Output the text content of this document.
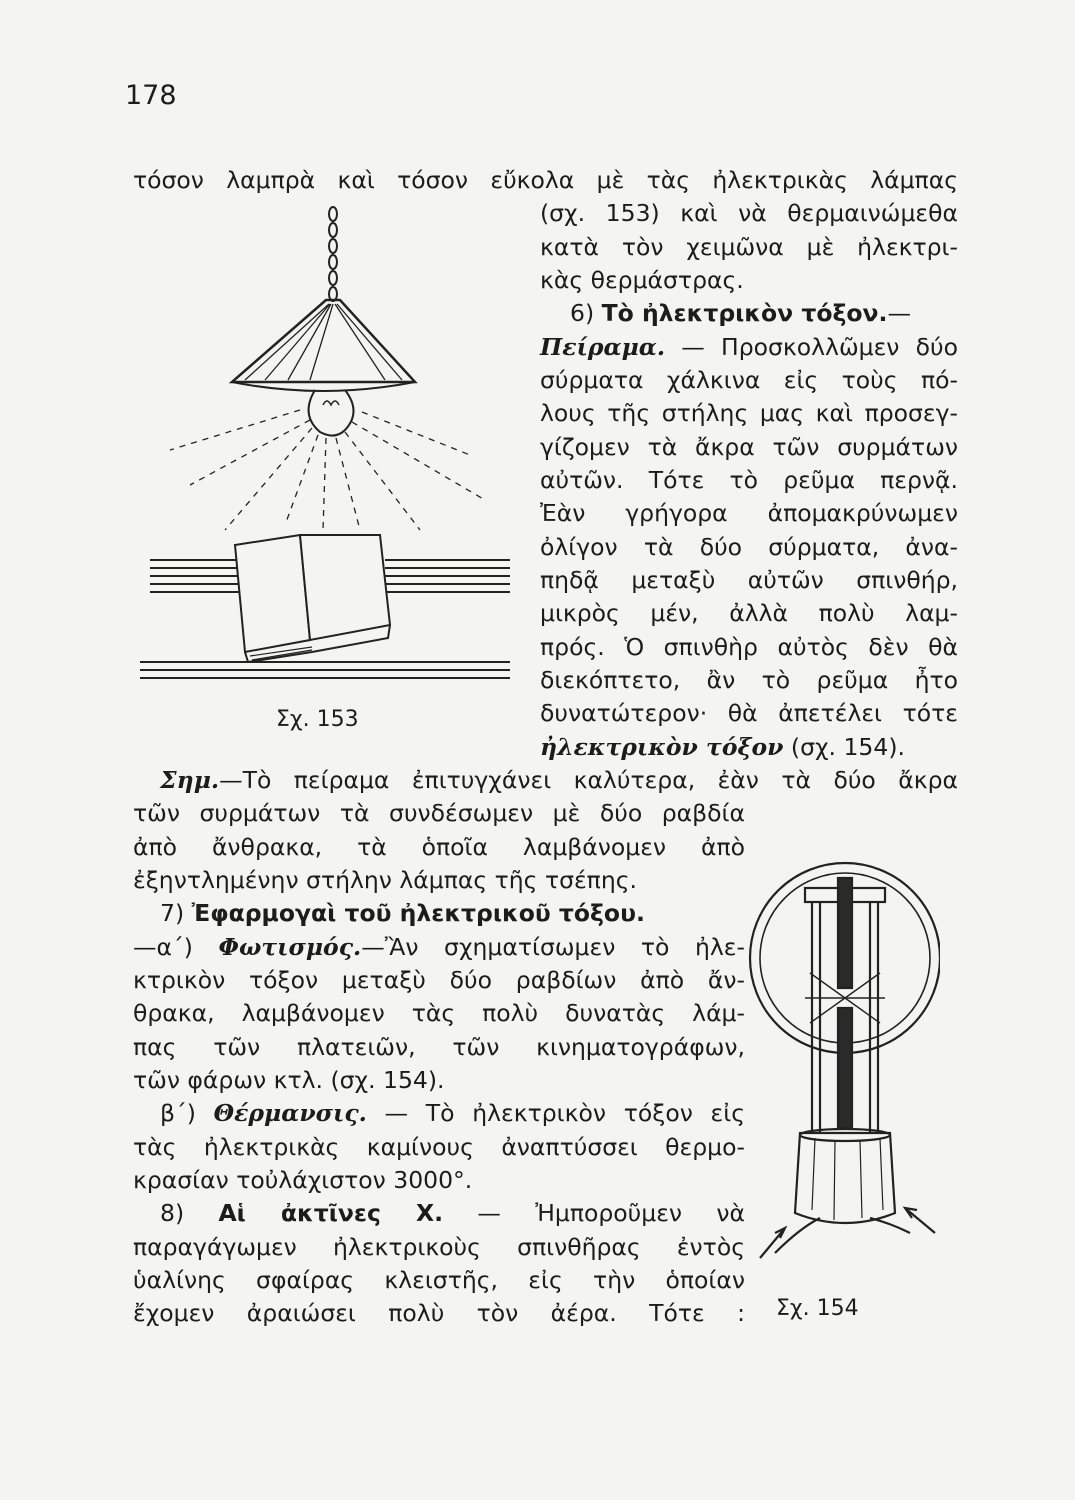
178
τόσον λαμπρὰ καὶ τόσον εὔκολα μὲ τὰς ἠλεκτρικὰς λάμπας
(σχ. 153) καὶ νὰ θερμαινώμεθα
κατὰ τὸν χειμῶνα μὲ ἠλεκτρι-
κὰς θερμάστρας.
6) Τὸ ἠλεκτρικὸν τόξον.—
Πείραμα. — Προσκολλῶμεν δύο
σύρματα χάλκινα εἰς τοὺς πό-
λους τῆς στήλης μας καὶ προσεγ-
γίζομεν τὰ ἄκρα τῶν συρμάτων
αὐτῶν. Τότε τὸ ρεῦμα περνᾷ.
Ἐὰν γρήγορα ἀπομακρύνωμεν
ὀλίγον τὰ δύο σύρματα, ἀνα-
πηδᾷ μεταξὺ αὐτῶν σπινθήρ,
μικρὸς μέν, ἀλλὰ πολὺ λαμ-
πρός. Ὁ σπινθὴρ αὐτὸς δὲν θὰ
διεκόπτετο, ἂν τὸ ρεῦμα ἦτο
δυνατώτερον· θὰ ἀπετέλει τότε
ἠλεκτρικὸν τόξον (σχ. 154).
Σημ.—Τὸ πείραμα ἐπιτυγχάνει καλύτερα, ἐὰν τὰ δύο ἄκρα
τῶν συρμάτων τὰ συνδέσωμεν μὲ δύο ραβδία
ἀπὸ ἄνθρακα, τὰ ὁποῖα λαμβάνομεν ἀπὸ
ἐξηντλημένην στήλην λάμπας τῆς τσέπης.
7) Ἐφαρμογαὶ τοῦ ἠλεκτρικοῦ τόξου.
—α΄) Φωτισμός.—Ἂν σχηματίσωμεν τὸ ἠλε-
κτρικὸν τόξον μεταξὺ δύο ραβδίων ἀπὸ ἄν-
θρακα, λαμβάνομεν τὰς πολὺ δυνατὰς λάμ-
πας τῶν πλατειῶν, τῶν κινηματογράφων,
τῶν φάρων κτλ. (σχ. 154).
β΄) Θέρμανσις. — Τὸ ἠλεκτρικὸν τόξον εἰς
τὰς ἠλεκτρικὰς καμίνους ἀναπτύσσει θερμο-
κρασίαν τοὐλάχιστον 3000°.
8) Αἱ ἀκτῖνες Χ. — Ἠμποροῦμεν νὰ
παραγάγωμεν ἠλεκτρικοὺς σπινθῆρας ἐντὸς
ὑαλίνης σφαίρας κλειστῆς, εἰς τὴν ὁποίαν
ἔχομεν ἀραιώσει πολὺ τὸν ἀέρα. Τότε :
Σχ. 153
Σχ. 154
